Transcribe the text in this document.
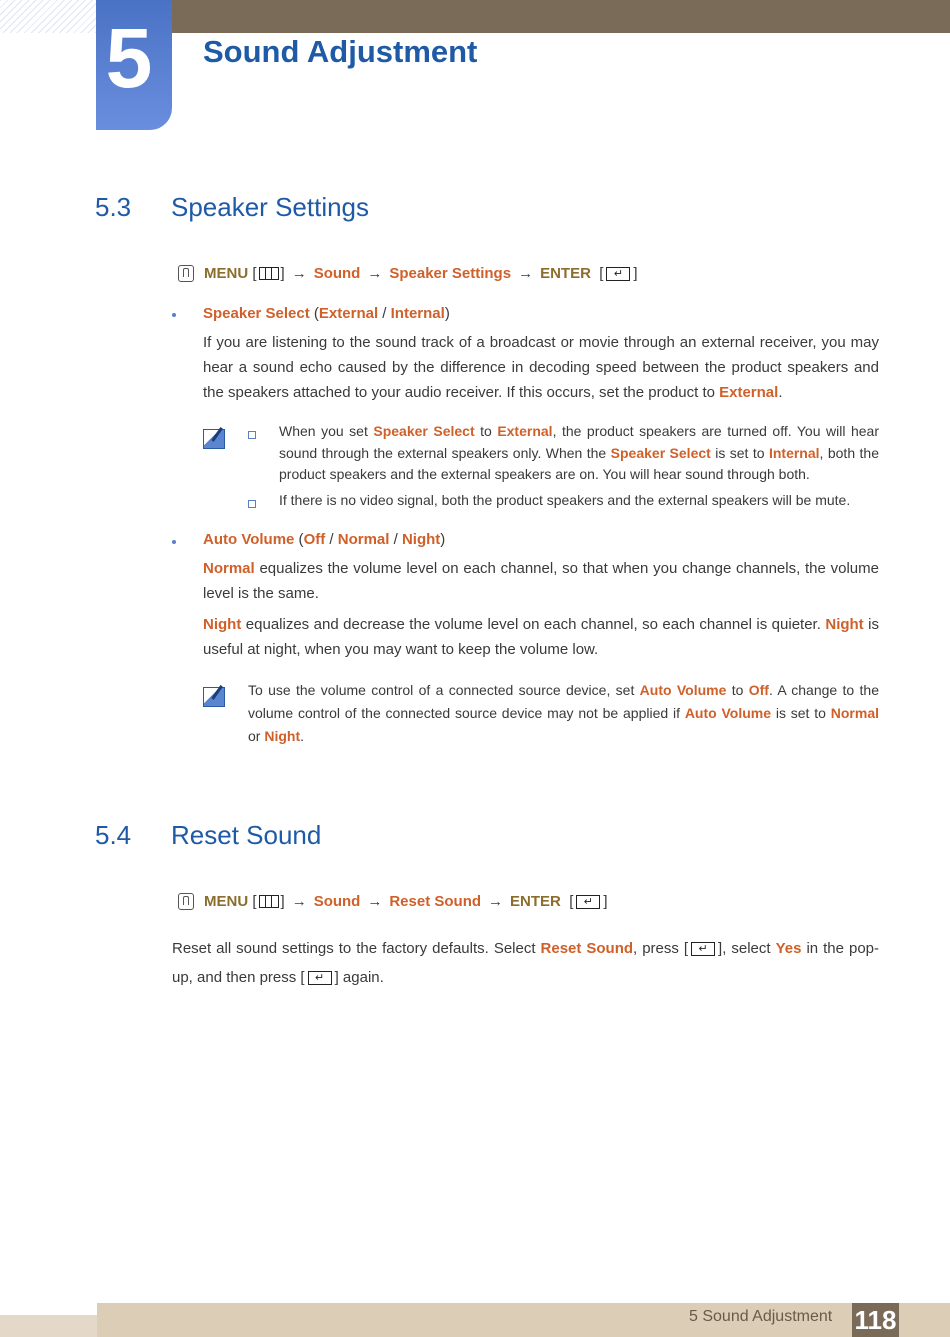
5	Sound Adjustment
5.3 Speaker Settings
MENU [ ] → Sound → Speaker Settings → ENTER [ ↵ ]
Speaker Select (External / Internal)
If you are listening to the sound track of a broadcast or movie through an external receiver, you may hear a sound echo caused by the difference in decoding speed between the product speakers and the speakers attached to your audio receiver. If this occurs, set the product to External.
When you set Speaker Select to External, the product speakers are turned off. You will hear sound through the external speakers only. When the Speaker Select is set to Internal, both the product speakers and the external speakers are on. You will hear sound through both.
If there is no video signal, both the product speakers and the external speakers will be mute.
Auto Volume (Off / Normal / Night)
Normal equalizes the volume level on each channel, so that when you change channels, the volume level is the same.
Night equalizes and decrease the volume level on each channel, so each channel is quieter. Night is useful at night, when you may want to keep the volume low.
To use the volume control of a connected source device, set Auto Volume to Off. A change to the volume control of the connected source device may not be applied if Auto Volume is set to Normal or Night.
5.4 Reset Sound
MENU [ ] → Sound → Reset Sound → ENTER [ ↵ ]
Reset all sound settings to the factory defaults. Select Reset Sound, press [ ↵ ], select Yes in the pop-up, and then press [ ↵ ] again.
5 Sound Adjustment 118
